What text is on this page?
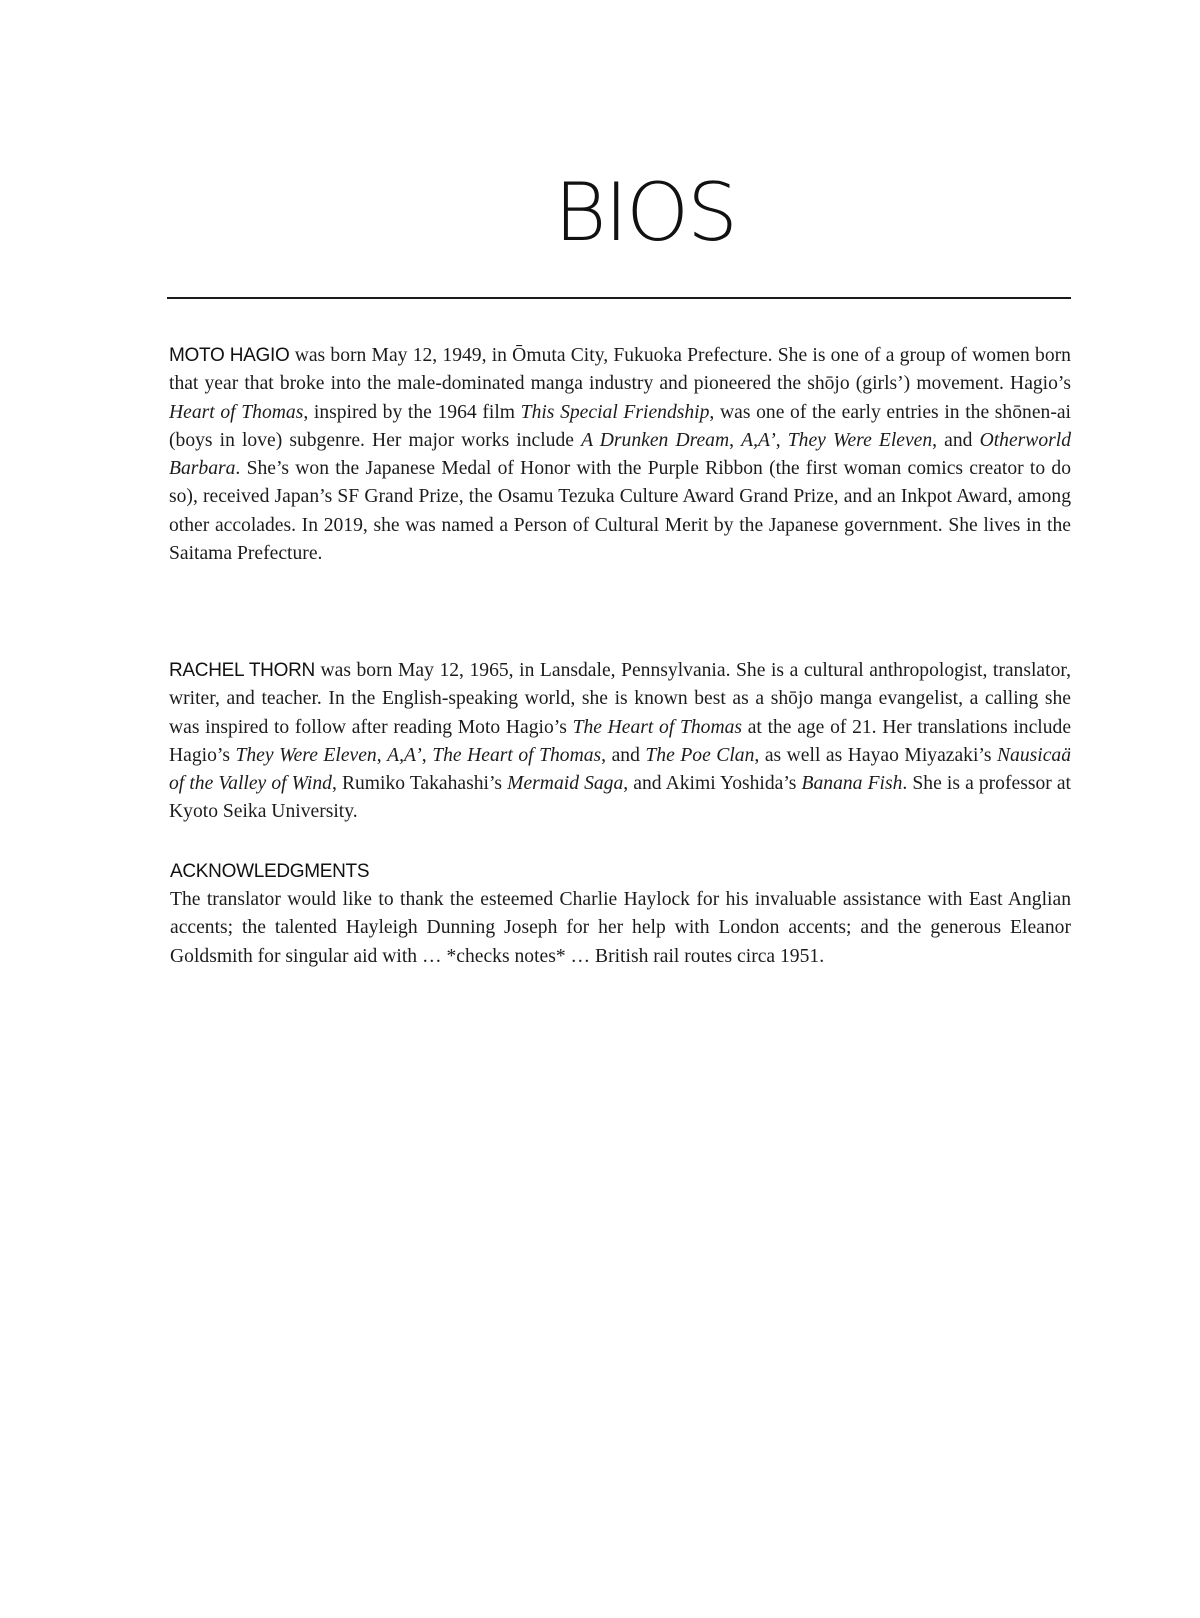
BIOS

MOTO HAGIO was born May 12, 1949, in Ōmuta City, Fukuoka Prefecture. She is one of a group of women born that year that broke into the male-dominated manga industry and pioneered the shōjo (girls’) movement. Hagio’s Heart of Thomas, inspired by the 1964 film This Special Friendship, was one of the early entries in the shōnen-ai (boys in love) subgenre. Her major works include A Drunken Dream, A,A’, They Were Eleven, and Otherworld Barbara. She’s won the Japanese Medal of Honor with the Purple Ribbon (the first woman comics creator to do so), received Japan’s SF Grand Prize, the Osamu Tezuka Culture Award Grand Prize, and an Inkpot Award, among other accolades. In 2019, she was named a Person of Cultural Merit by the Japanese government. She lives in the Saitama Prefecture.

RACHEL THORN was born May 12, 1965, in Lansdale, Pennsylvania. She is a cultural anthropologist, translator, writer, and teacher. In the English-speaking world, she is known best as a shōjo manga evangelist, a calling she was inspired to follow after reading Moto Hagio’s The Heart of Thomas at the age of 21. Her translations include Hagio’s They Were Eleven, A,A’, The Heart of Thomas, and The Poe Clan, as well as Hayao Miyazaki’s Nausicaä of the Valley of Wind, Rumiko Takahashi’s Mermaid Saga, and Akimi Yoshida’s Banana Fish. She is a professor at Kyoto Seika University.

ACKNOWLEDGMENTS

The translator would like to thank the esteemed Charlie Haylock for his invaluable assistance with East Anglian accents; the talented Hayleigh Dunning Joseph for her help with London accents; and the generous Eleanor Goldsmith for singular aid with … *checks notes* … British rail routes circa 1951.
